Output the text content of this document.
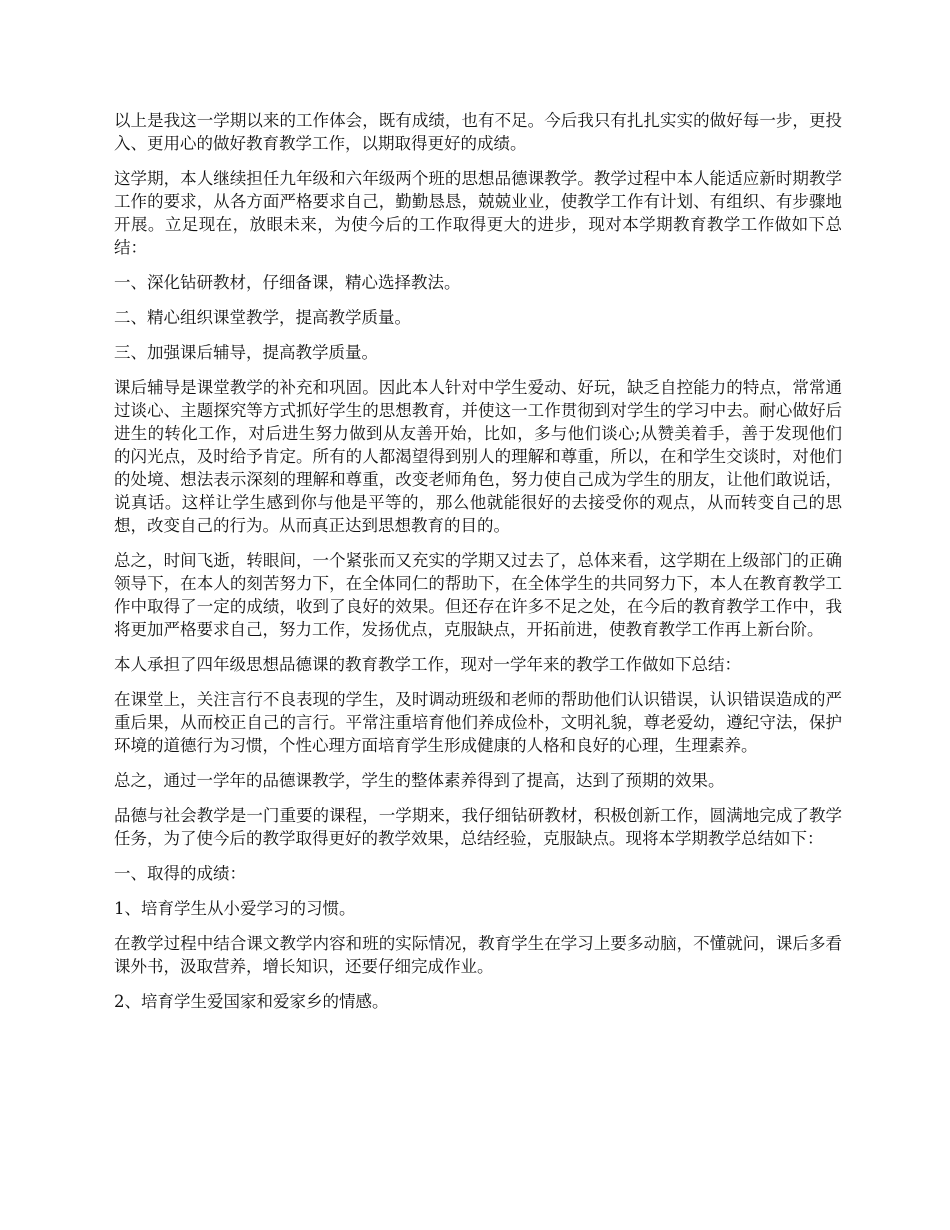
以上是我这一学期以来的工作体会，既有成绩，也有不足。今后我只有扎扎实实的做好每一步，更投入、更用心的做好教育教学工作，以期取得更好的成绩。

这学期，本人继续担任九年级和六年级两个班的思想品德课教学。教学过程中本人能适应新时期教学工作的要求，从各方面严格要求自己，勤勤恳恳，兢兢业业，使教学工作有计划、有组织、有步骤地开展。立足现在，放眼未来，为使今后的工作取得更大的进步，现对本学期教育教学工作做如下总结：

一、深化钻研教材，仔细备课，精心选择教法。

二、精心组织课堂教学，提高教学质量。

三、加强课后辅导，提高教学质量。

课后辅导是课堂教学的补充和巩固。因此本人针对中学生爱动、好玩，缺乏自控能力的特点，常常通过谈心、主题探究等方式抓好学生的思想教育，并使这一工作贯彻到对学生的学习中去。耐心做好后进生的转化工作，对后进生努力做到从友善开始，比如，多与他们谈心;从赞美着手，善于发现他们的闪光点，及时给予肯定。所有的人都渴望得到别人的理解和尊重，所以，在和学生交谈时，对他们的处境、想法表示深刻的理解和尊重，改变老师角色，努力使自己成为学生的朋友，让他们敢说话，说真话。这样让学生感到你与他是平等的，那么他就能很好的去接受你的观点，从而转变自己的思想，改变自己的行为。从而真正达到思想教育的目的。

总之，时间飞逝，转眼间，一个紧张而又充实的学期又过去了，总体来看，这学期在上级部门的正确领导下，在本人的刻苦努力下，在全体同仁的帮助下，在全体学生的共同努力下，本人在教育教学工作中取得了一定的成绩，收到了良好的效果。但还存在许多不足之处，在今后的教育教学工作中，我将更加严格要求自己，努力工作，发扬优点，克服缺点，开拓前进，使教育教学工作再上新台阶。

本人承担了四年级思想品德课的教育教学工作，现对一学年来的教学工作做如下总结：

在课堂上，关注言行不良表现的学生，及时调动班级和老师的帮助他们认识错误，认识错误造成的严重后果，从而校正自己的言行。平常注重培育他们养成俭朴，文明礼貌，尊老爱幼，遵纪守法，保护环境的道德行为习惯，个性心理方面培育学生形成健康的人格和良好的心理，生理素养。

总之，通过一学年的品德课教学，学生的整体素养得到了提高，达到了预期的效果。

品德与社会教学是一门重要的课程，一学期来，我仔细钻研教材，积极创新工作，圆满地完成了教学任务，为了使今后的教学取得更好的教学效果，总结经验，克服缺点。现将本学期教学总结如下：

一、取得的成绩：

1、培育学生从小爱学习的习惯。

在教学过程中结合课文教学内容和班的实际情况，教育学生在学习上要多动脑，不懂就问，课后多看课外书，汲取营养，增长知识，还要仔细完成作业。

2、培育学生爱国家和爱家乡的情感。
